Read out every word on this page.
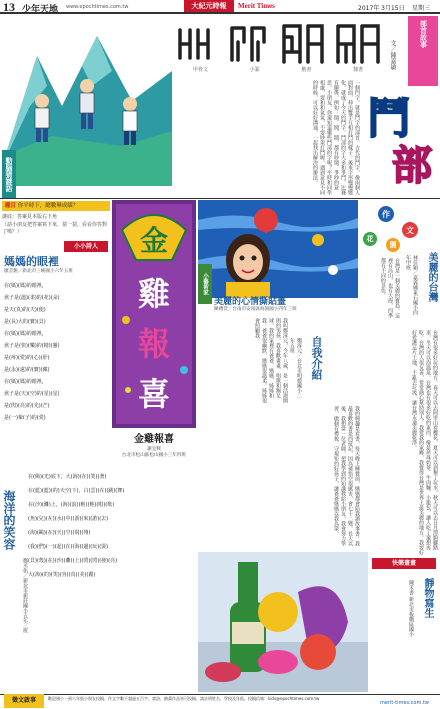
13 少年天地 www.epochtimes.com.tw	大紀元時報	Merit Times	2017年 3月15日 星期三
動腦猜謎語
甲骨文	小篆	楷書	隸書	文／陳嘉敏
部首故事
鬥
部
一個門字，就是鬥字的部首。古代的鬥字，像兩個人面對面，伸出雙手互相打鬥的樣子。後來字形慢慢變化，就成了今天的鬥字。鬥部的字大多和爭鬥、比賽有關係。例如：鬧、鬨、鬩，都有吵鬧、爭吵的意思。小朋友，你還知道哪些鬥部的字呢？平時和同學相處，要和和氣氣，不要吵架打鬥喔。遇到意見不同的時候，可以好好溝通，一起找出解決的辦法。
題目 你平時下，總數畢成績？
謎底：答案見本版右下角
（請小朋友把答案寫下來，猜一猜，看看你答對了嗎？）
小小詩人
媽媽的眼裡
廖芸甄／新北市三峽國小六年五班
在(媽)(媽)的眼裡，
孩子是(溫)(柔)的(花)(朵)
是天(真)的(天)(使)
是(長)大的(寶)(貝)
在(媽)(媽)的眼裡，
孩子是(快)(樂)的(精)(靈)
是(疼)(愛)的(心)(肝)
是(永)(遠)的(寶)(藏)
在(媽)(媽)的眼裡，
孩子是(天)(空)的(星)(星)
是(閃)(亮)的(光)(芒)
是(一)輩(子)的(愛)
海洋的笑容
在(陽)(光)底下，大(海)(在)(笑)(著)
在(藍)(藍)(的)天空(下)，白(雲)(在)(跳)(舞)
在(沙)(灘)上，(海)(浪)(輕)(輕)(唱)(歌)
(魚)(兒)(在)(水)(中)(游)(來)(游)(去)
(海)(鷗)(在)(天)(空)(飛)(翔)
(我)(們)(一)(起)(在)(海)(邊)(玩)(耍)
(貝)(殼)(在)(沙)(灘)(上)(閃)(閃)(發)(亮)
大(海)(的)(笑)(容)(真)(美)(麗)
鄭丞佑／新北市新莊國小五年三班
金
雞
報
喜
金雞報喜
謝宜興
台北市松山區松山國小三年四班
小藝術家
美麗的心情撕貼畫
陳禮萱／台南市安南區海佃國小四年三班
作
文
花
園
美麗的台灣
林佳穎／嘉義縣東石國小四年甲班
台灣是一個美麗的寶島。這裡有高山，也有大海，四季都有不同的景色。
台灣有很多好玩的地方。春天可以去阿里山看櫻花，夏天可以到墾丁玩水，秋天可以去日月潭騎腳踏車，冬天可以泡溫泉。台灣也有很多好吃的東西，像是珍珠奶茶、牛肉麵、小籠包，讓人吃了還想再吃。台灣的人很友善，常常熱心幫助別人。我愛我的家鄉，我覺得台灣是世界上最美麗的地方。我要好好愛護這片土地，不亂丟垃圾，讓台灣永遠美麗乾淨。
自我介紹
鄭淳元／台北市明德國小二年五班
我叫鄭淳元，今年八歲，是一個活潑開朗的男孩。我喜歡畫畫、唱歌和踢足球。我的家裡有爸爸、媽媽、姊姊和我。爸爸很幽默，媽媽很溫柔，姊姊很會照顧我。
我的興趣是看書，每天晚上睡覺前，媽媽都會陪我讀故事書。我最喜歡的書是西遊記，因為孫悟空很厲害，會七十二變。長大以後，我想當一位老師，把我學到的知識教給小朋友。我會努力學習，做個有禮貌、守規矩的好孩子，讓爸爸媽媽以我為榮。
快樂畫畫
靜物寫生
陳禾書 新北市板橋區國小
徵文啟事	歡迎國小一到六年級小朋友投稿。作文字數不超過五百字。童詩、繪畫作品皆可投稿，請註明姓名、學校及年級。投稿信箱：kids@epochtimes.com.tw
merit-times.com.tw
